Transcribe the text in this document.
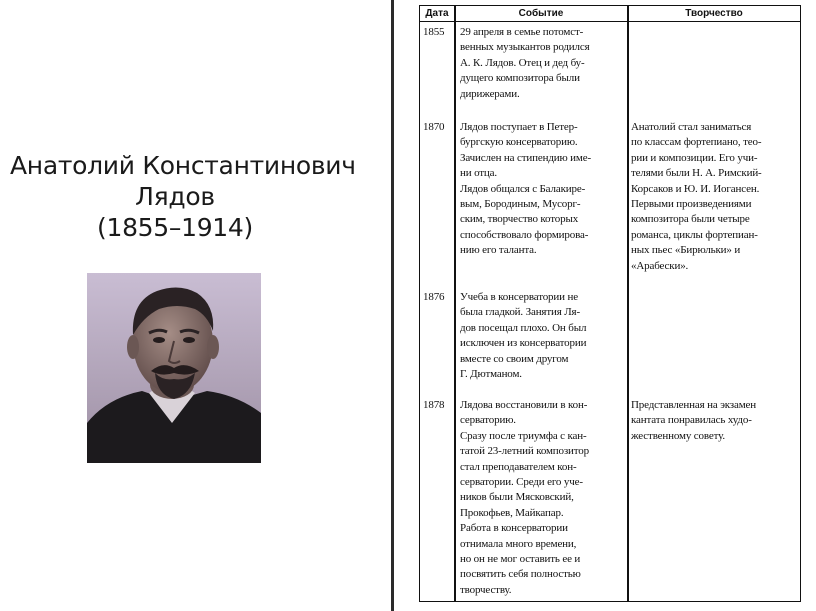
Анатолий Константинович
Лядов
(1855–1914)
Дата	Событие	Творчество
1855 29 апреля в семье потомст-
венных музыкантов родился
А. К. Лядов. Отец и дед бу-
дущего композитора были
дирижерами.
1870 Лядов поступает в Петер-
бургскую консерваторию.
Зачислен на стипендию име-
ни отца.
Лядов общался с Балакире-
вым, Бородиным, Мусорг-
ским, творчество которых
способствовало формирова-
нию его таланта.
Анатолий стал заниматься
по классам фортепиано, тео-
рии и композиции. Его учи-
телями были Н. А. Римский-
Корсаков и Ю. И. Иогансен.
Первыми произведениями
композитора были четыре
романса, циклы фортепиан-
ных пьес «Бирюльки» и
«Арабески».
1876 Учеба в консерватории не
была гладкой. Занятия Ля-
дов посещал плохо. Он был
исключен из консерватории
вместе со своим другом
Г. Дютманом.
1878 Лядова восстановили в кон-
серваторию.
Сразу после триумфа с кан-
татой 23-летний композитор
стал преподавателем кон-
серватории. Среди его уче-
ников были Мясковский,
Прокофьев, Майкапар.
Работа в консерватории
отнимала много времени,
но он не мог оставить ее и
посвятить себя полностью
творчеству.
Представленная на экзамен
кантата понравилась худо-
жественному совету.
